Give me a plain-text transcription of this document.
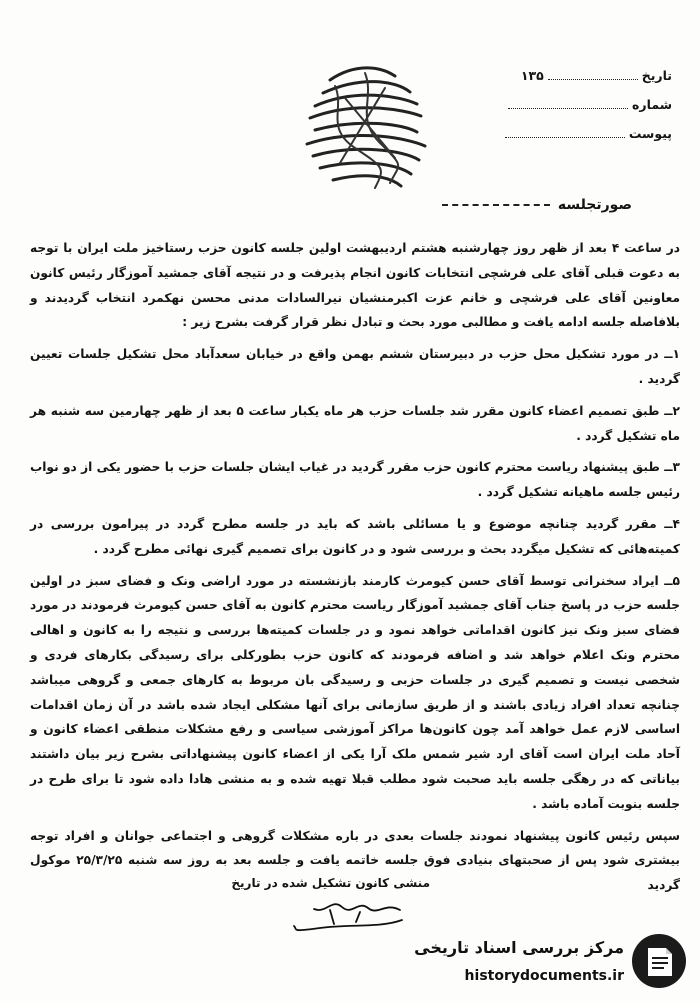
تاریخ۱۳۵
شماره
پیوست
صورتجلسه

در ساعت ۴ بعد از ظهر روز چهارشنبه هشتم اردیبهشت اولین جلسه کانون حزب رستاخیز ملت ایران با توجه به دعوت قبلی آقای علی فرشچی انتخابات کانون انجام پذیرفت و در نتیجه آقای جمشید آموزگار رئیس کانون معاونین آقای علی فرشچی و خانم عزت اکبرمنشیان نیرالسادات مدنی محسن نهکمرد انتخاب گردیدند و بلافاصله جلسه ادامه یافت و مطالبی مورد بحث و تبادل نظر قرار گرفت بشرح زیر :

۱ــ در مورد تشکیل محل حزب در دبیرستان ششم بهمن واقع در خیابان سعدآباد محل تشکیل جلسات تعیین گردید .

۲ــ طبق تصمیم اعضاء کانون مقرر شد جلسات حزب هر ماه یکبار ساعت ۵ بعد از ظهر چهارمین سه شنبه هر ماه تشکیل گردد .

۳ــ طبق پیشنهاد ریاست محترم کانون حزب مقرر گردید در غیاب ایشان جلسات حزب با حضور یکی از دو نواب رئیس جلسه ماهیانه تشکیل گردد .

۴ــ مقرر گردید چنانچه موضوع و یا مسائلی باشد که باید در جلسه مطرح گردد در پیرامون بررسی در کمیته‌هائی که تشکیل میگردد بحث و بررسی شود و در کانون برای تصمیم گیری نهائی مطرح گردد .

۵ــ ایراد سخنرانی توسط آقای حسن کیومرث کارمند بازنشسته در مورد اراضی ونک و فضای سبز در اولین جلسه حزب در پاسخ جناب آقای جمشید آموزگار ریاست محترم کانون به آقای حسن کیومرث فرمودند در مورد فضای سبز ونک نیز کانون اقداماتی خواهد نمود و در جلسات کمیته‌ها بررسی و نتیجه را به کانون و اهالی محترم ونک اعلام خواهد شد و اضافه فرمودند که کانون حزب بطورکلی برای رسیدگی بکارهای فردی و شخصی نیست و تصمیم گیری در جلسات حزبی و رسیدگی بان مربوط به کارهای جمعی و گروهی میباشد چنانچه تعداد افراد زیادی باشند و از طریق سازمانی برای آنها مشکلی ایجاد شده باشد در آن زمان اقدامات اساسی لازم عمل خواهد آمد چون کانون‌ها مراکز آموزشی سیاسی و رفع مشکلات منطقی اعضاء کانون و آحاد ملت ایران است آقای ارد شیر شمس ملک آرا یکی از اعضاء کانون پیشنهاداتی بشرح زیر بیان داشتند بیاناتی که در رهگی جلسه باید صحبت شود مطلب قبلا تهیه شده و به منشی هادا داده شود تا برای طرح در جلسه بنوبت آماده باشد .

سپس رئیس کانون پیشنهاد نمودند جلسات بعدی در باره مشکلات گروهی و اجتماعی جوانان و افراد توجه بیشتری شود پس از صحبتهای بنیادی فوق جلسه خاتمه یافت و جلسه بعد به روز سه شنبه ۲۵/۳/۲۵ موکول گردید

منشی کانون تشکیل شده در تاریخ
مرکز بررسی اسناد تاریخی
historydocuments.ir
